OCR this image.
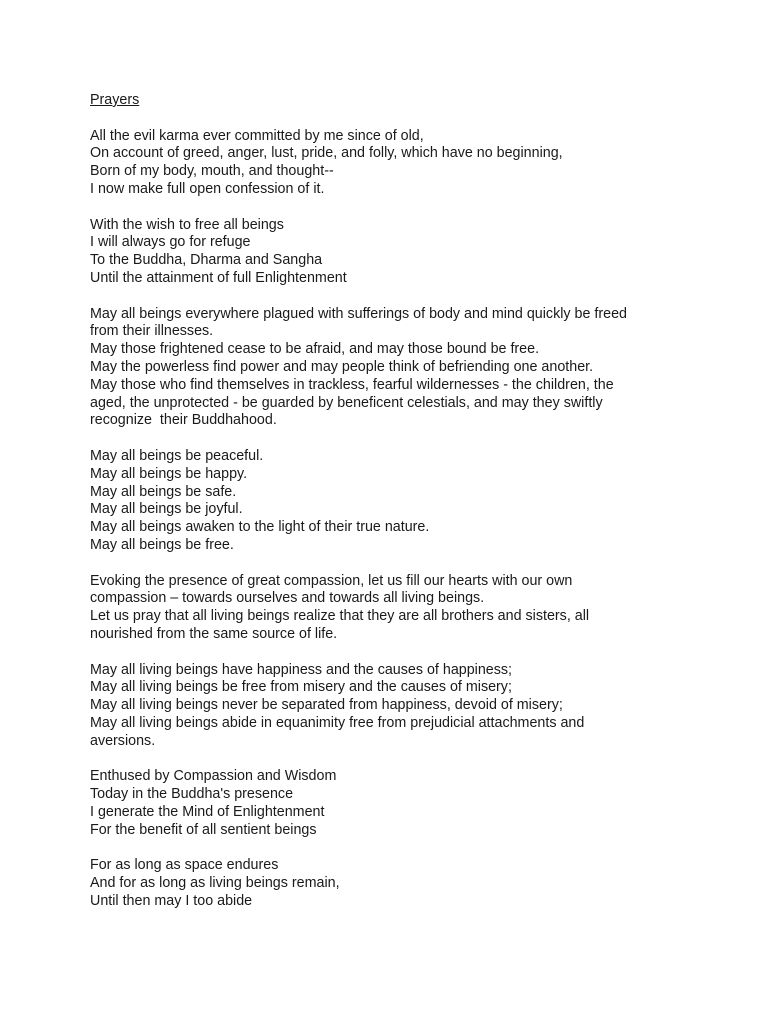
Prayers
All the evil karma ever committed by me since of old,
On account of greed, anger, lust, pride, and folly, which have no beginning,
Born of my body, mouth, and thought--
I now make full open confession of it.
With the wish to free all beings
I will always go for refuge
To the Buddha, Dharma and Sangha
Until the attainment of full Enlightenment
May all beings everywhere plagued with sufferings of body and mind quickly be freed
from their illnesses.
May those frightened cease to be afraid, and may those bound be free.
May the powerless find power and may people think of befriending one another.
May those who find themselves in trackless, fearful wildernesses - the children, the
aged, the unprotected - be guarded by beneficent celestials, and may they swiftly
recognize  their Buddhahood.
May all beings be peaceful.
May all beings be happy.
May all beings be safe.
May all beings be joyful.
May all beings awaken to the light of their true nature.
May all beings be free.
Evoking the presence of great compassion, let us fill our hearts with our own
compassion – towards ourselves and towards all living beings.
Let us pray that all living beings realize that they are all brothers and sisters, all
nourished from the same source of life.
May all living beings have happiness and the causes of happiness;
May all living beings be free from misery and the causes of misery;
May all living beings never be separated from happiness, devoid of misery;
May all living beings abide in equanimity free from prejudicial attachments and
aversions.
Enthused by Compassion and Wisdom
Today in the Buddha's presence
I generate the Mind of Enlightenment
For the benefit of all sentient beings
For as long as space endures
And for as long as living beings remain,
Until then may I too abide
